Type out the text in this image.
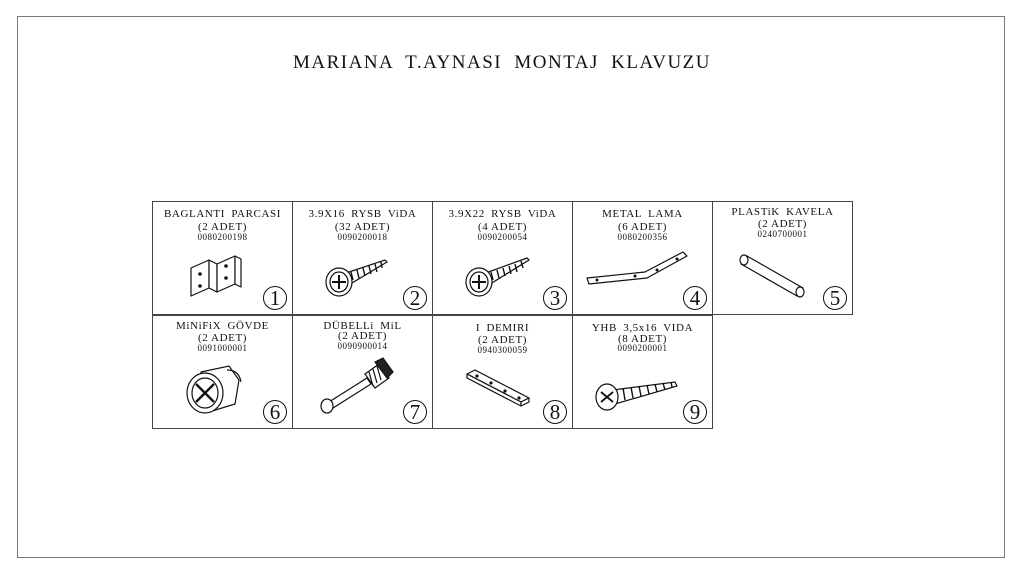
MARIANA T.AYNASI MONTAJ KLAVUZU
BAGLANTI PARCASI
(2 ADET)
0080200198
1
3.9X16 RYSB ViDA
(32 ADET)
0090200018
2
3.9X22 RYSB ViDA
(4 ADET)
0090200054
3
METAL LAMA
(6 ADET)
0080200356
4
PLASTiK KAVELA
(2 ADET)
0240700001
5
MiNiFiX GÖVDE
(2 ADET)
0091000001
6
DÜBELLi MiL
(2 ADET)
0090900014
7
I DEMIRI
(2 ADET)
0940300059
8
YHB 3,5x16 VIDA
(8 ADET)
0090200001
9
